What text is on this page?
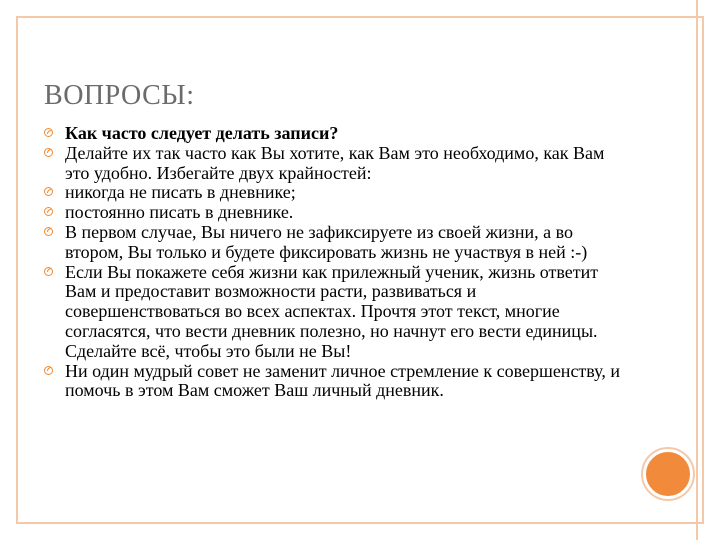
ВОПРОСЫ:
Как часто следует делать записи?
Делайте их так часто как Вы хотите, как Вам это необходимо, как Вам это удобно. Избегайте двух крайностей:
никогда не писать в дневнике;
постоянно писать в дневнике.
В первом случае, Вы ничего не зафиксируете из своей жизни, а во втором, Вы только и будете фиксировать жизнь не участвуя в ней :-)
Если Вы покажете себя жизни как прилежный ученик, жизнь ответит Вам и предоставит возможности расти, развиваться и совершенствоваться во всех аспектах. Прочтя этот текст, многие согласятся, что вести дневник полезно, но начнут его вести единицы. Сделайте всё, чтобы это были не Вы!
Ни один мудрый совет не заменит личное стремление к совершенству, и помочь в этом Вам сможет Ваш личный дневник.
